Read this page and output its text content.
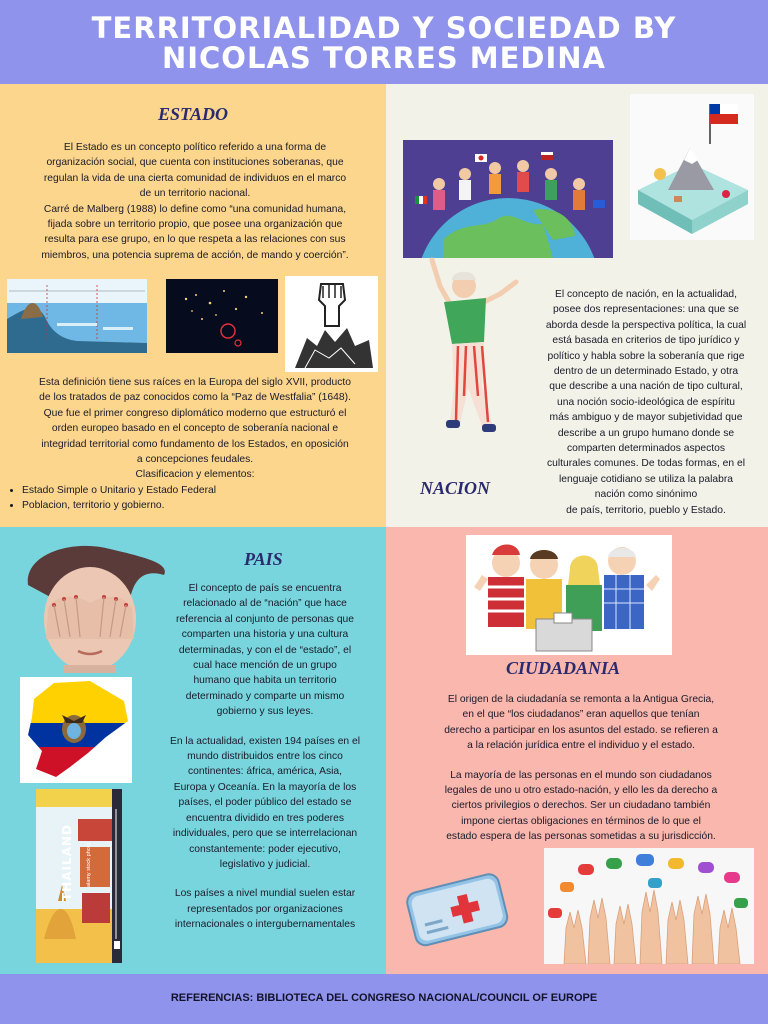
TERRITORIALIDAD Y SOCIEDAD BY
NICOLAS TORRES MEDINA
ESTADO

El Estado es un concepto político referido a una forma de

organización social, que cuenta con instituciones soberanas, que

regulan la vida de una cierta comunidad de individuos en el marco

de un territorio nacional.

Carré de Malberg (1988) lo define como “una comunidad humana,

fijada sobre un territorio propio, que posee una organización que

resulta para ese grupo, en lo que respeta a las relaciones con sus

miembros, una potencia suprema de acción, de mando y coerción”.

Esta definición tiene sus raíces en la Europa del siglo XVII, producto

de los tratados de paz conocidos como la “Paz de Westfalia” (1648).

Que fue el primer congreso diplomático moderno que estructuró el

orden europeo basado en el concepto de soberanía nacional e

integridad territorial como fundamento de los Estados, en oposición

a concepciones feudales.

Clasificacion y elementos:

• Estado Simple o Unitario y Estado Federal
• Poblacion, territorio y gobierno.

El concepto de nación, en la actualidad,

posee dos representaciones: una que se

aborda desde la perspectiva política, la cual

está basada en criterios de tipo jurídico y

político y habla sobre la soberanía que rige

dentro de un determinado Estado, y otra

que describe a una nación de tipo cultural,

una noción socio-ideológica de espíritu

más ambiguo y de mayor subjetividad que

describe a un grupo humano donde se

comparten determinados aspectos

culturales comunes. De todas formas, en el

lenguaje cotidiano se utiliza la palabra

nación como sinónimo

de país, territorio, pueblo y Estado.

NACION
THAILAND alamy stock photo
PAIS

El concepto de país se encuentra

relacionado al de “nación” que hace

referencia al conjunto de personas que

comparten una historia y una cultura

determinadas, y con el de “estado”, el

cual hace mención de un grupo

humano que habita un territorio

determinado y comparte un mismo

gobierno y sus leyes.

En la actualidad, existen 194 países en el

mundo distribuidos entre los cinco

continentes: áfrica, américa, Asia,

Europa y Oceanía. En la mayoría de los

países, el poder público del estado se

encuentra dividido en tres poderes

individuales, pero que se interrelacionan

constantemente: poder ejecutivo,

legislativo y judicial.

Los países a nivel mundial suelen estar

representados por organizaciones

internacionales o intergubernamentales

CIUDADANIA

El origen de la ciudadanía se remonta a la Antigua Grecia,

en el que “los ciudadanos” eran aquellos que tenían

derecho a participar en los asuntos del estado. se refieren a

a la relación jurídica entre el individuo y el estado.

La mayoría de las personas en el mundo son ciudadanos

legales de uno u otro estado-nación, y ello les da derecho a

ciertos privilegios o derechos. Ser un ciudadano también

impone ciertas obligaciones en términos de lo que el

estado espera de las personas sometidas a su jurisdicción.

REFERENCIAS: BIBLIOTECA DEL CONGRESO NACIONAL/COUNCIL OF EUROPE
